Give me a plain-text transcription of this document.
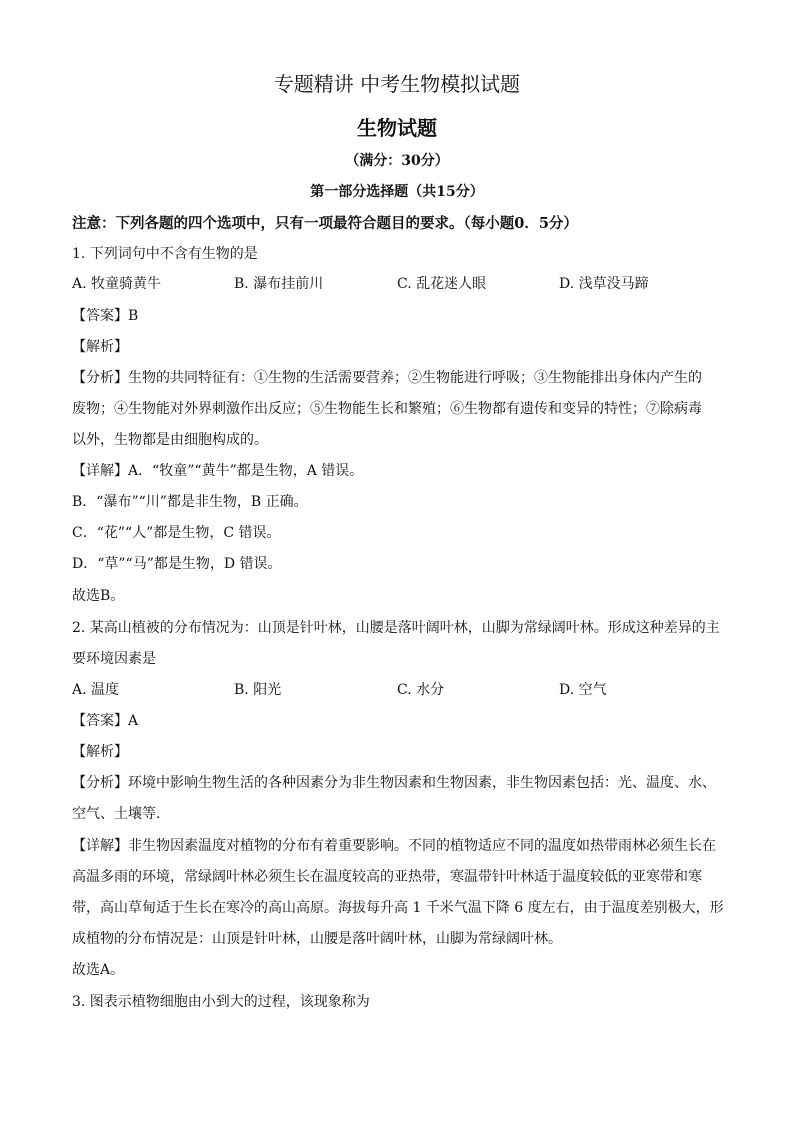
专题精讲 中考生物模拟试题
生物试题
（满分：30分）
第一部分选择题（共15分）
注意：下列各题的四个选项中，只有一项最符合题目的要求。（每小题0．5分）
1. 下列词句中不含有生物的是
A. 牧童骑黄牛	B. 瀑布挂前川	C. 乱花迷人眼	D. 浅草没马蹄
【答案】B
【解析】
【分析】生物的共同特征有：①生物的生活需要营养；②生物能进行呼吸；③生物能排出身体内产生的
废物；④生物能对外界刺激作出反应；⑤生物能生长和繁殖；⑥生物都有遗传和变异的特性；⑦除病毒
以外，生物都是由细胞构成的。
【详解】A．“牧童”“黄牛”都是生物，A 错误。
B．“瀑布”“川”都是非生物，B 正确。
C．“花”“人”都是生物，C 错误。
D．“草”“马”都是生物，D 错误。
故选B。
2. 某高山植被的分布情况为：山顶是针叶林，山腰是落叶阔叶林，山脚为常绿阔叶林。形成这种差异的主
要环境因素是
A. 温度	B. 阳光	C. 水分	D. 空气
【答案】A
【解析】
【分析】环境中影响生物生活的各种因素分为非生物因素和生物因素，非生物因素包括：光、温度、水、
空气、土壤等.
【详解】非生物因素温度对植物的分布有着重要影响。不同的植物适应不同的温度如热带雨林必须生长在
高温多雨的环境，常绿阔叶林必须生长在温度较高的亚热带，寒温带针叶林适于温度较低的亚寒带和寒
带，高山草甸适于生长在寒冷的高山高原。海拔每升高 1 千米气温下降 6 度左右，由于温度差别极大，形
成植物的分布情况是：山顶是针叶林，山腰是落叶阔叶林，山脚为常绿阔叶林。
故选A。
3. 图表示植物细胞由小到大的过程，该现象称为
